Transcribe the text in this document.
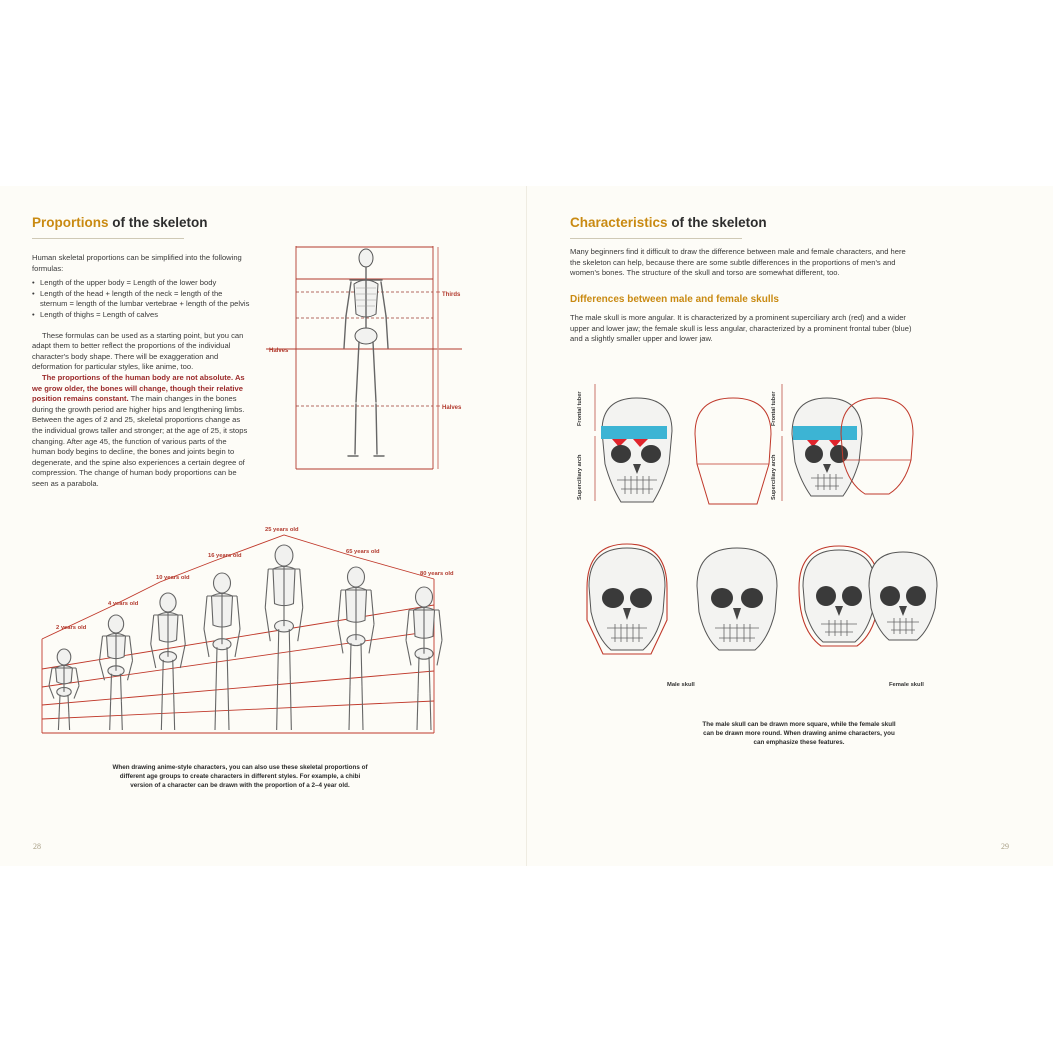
Proportions of the skeleton

Human skeletal proportions can be simplified into the following formulas:

• Length of the upper body = Length of the lower body
• Length of the head + length of the neck = length of the sternum = length of the lumbar vertebrae + length of the pelvis
• Length of thighs = Length of calves

These formulas can be used as a starting point, but you can adapt them to better reflect the proportions of the individual character's body shape. There will be exaggeration and deformation for particular styles, like anime, too.

The proportions of the human body are not absolute. As we grow older, the bones will change, though their relative position remains constant. The main changes in the bones during the growth period are higher hips and lengthening limbs. Between the ages of 2 and 25, skeletal proportions change as the individual grows taller and stronger; at the age of 25, it stops changing. After age 45, the function of various parts of the human body begins to decline, the bones and joints begin to degenerate, and the spine also experiences a certain degree of compression. The change of human body proportions can be seen as a parabola.

Thirds
Halves
Halves
2 years old
4 years old
10 years old
16 years old
25 years old
65 years old
80 years old
When drawing anime-style characters, you can also use these skeletal proportions of different age groups to create characters in different styles. For example, a chibi version of a character can be drawn with the proportion of a 2–4 year old.
28
Characteristics of the skeleton
Many beginners find it difficult to draw the difference between male and female characters, and here the skeleton can help, because there are some subtle differences in the proportions of men's and women's bones. The structure of the skull and torso are somewhat different, too.
Differences between male and female skulls
The male skull is more angular. It is characterized by a prominent superciliary arch (red) and a wider upper and lower jaw; the female skull is less angular, characterized by a prominent frontal tuber (blue) and a slightly smaller upper and lower jaw.
Frontal tuber
Superciliary arch
Frontal tuber
Superciliary arch
Male skull	Female skull
The male skull can be drawn more square, while the female skull can be drawn more round. When drawing anime characters, you can emphasize these features.
29
